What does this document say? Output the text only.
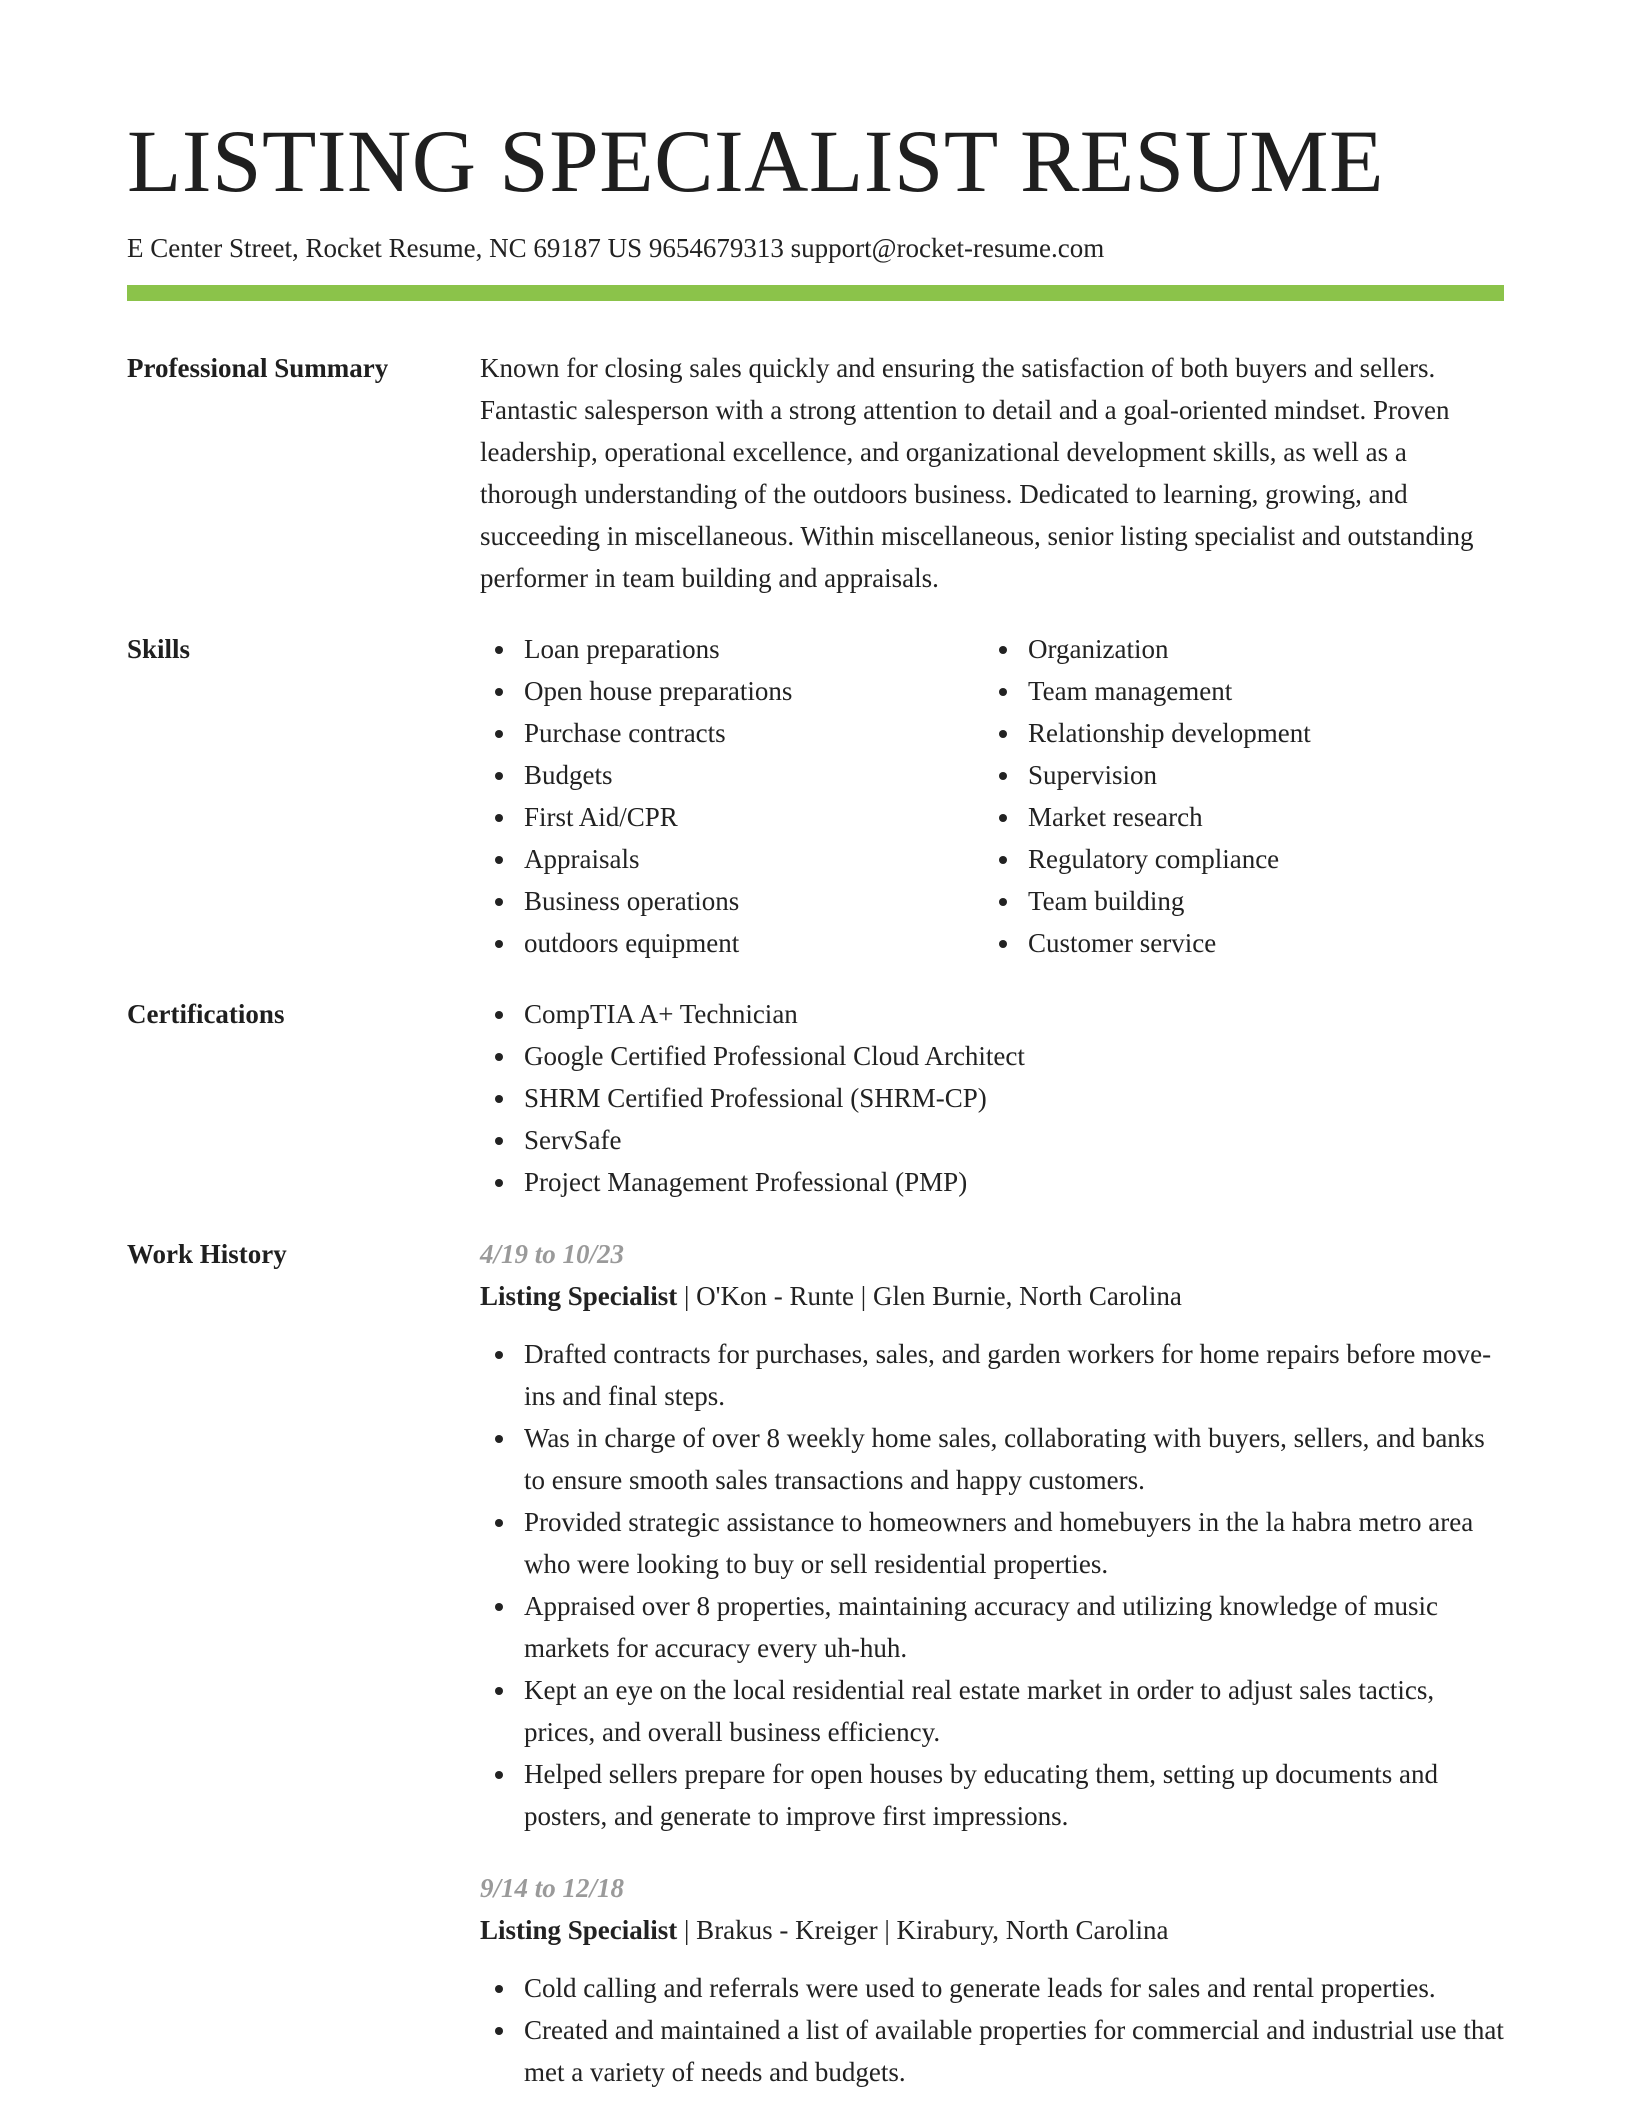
LISTING SPECIALIST RESUME
E Center Street, Rocket Resume, NC 69187 US 9654679313 support@rocket-resume.com
Professional Summary	Known for closing sales quickly and ensuring the satisfaction of both buyers and sellers. Fantastic salesperson with a strong attention to detail and a goal-oriented mindset. Proven leadership, operational excellence, and organizational development skills, as well as a thorough understanding of the outdoors business. Dedicated to learning, growing, and succeeding in miscellaneous. Within miscellaneous, senior listing specialist and outstanding performer in team building and appraisals.

Skills	Loan preparations
Open house preparations
Purchase contracts
Budgets
First Aid/CPR
Appraisals
Business operations
outdoors equipment
Organization
Team management
Relationship development
Supervision
Market research
Regulatory compliance
Team building
Customer service
Certifications	CompTIA A+ Technician
Google Certified Professional Cloud Architect
SHRM Certified Professional (SHRM-CP)
ServSafe
Project Management Professional (PMP)
Work History	4/19 to 10/23
Listing Specialist | O'Kon - Runte | Glen Burnie, North Carolina
Drafted contracts for purchases, sales, and garden workers for home repairs before move-ins and final steps.
Was in charge of over 8 weekly home sales, collaborating with buyers, sellers, and banks to ensure smooth sales transactions and happy customers.
Provided strategic assistance to homeowners and homebuyers in the la habra metro area who were looking to buy or sell residential properties.
Appraised over 8 properties, maintaining accuracy and utilizing knowledge of music markets for accuracy every uh-huh.
Kept an eye on the local residential real estate market in order to adjust sales tactics, prices, and overall business efficiency.
Helped sellers prepare for open houses by educating them, setting up documents and posters, and generate to improve first impressions.
9/14 to 12/18
Listing Specialist | Brakus - Kreiger | Kirabury, North Carolina
Cold calling and referrals were used to generate leads for sales and rental properties.
Created and maintained a list of available properties for commercial and industrial use that met a variety of needs and budgets.
